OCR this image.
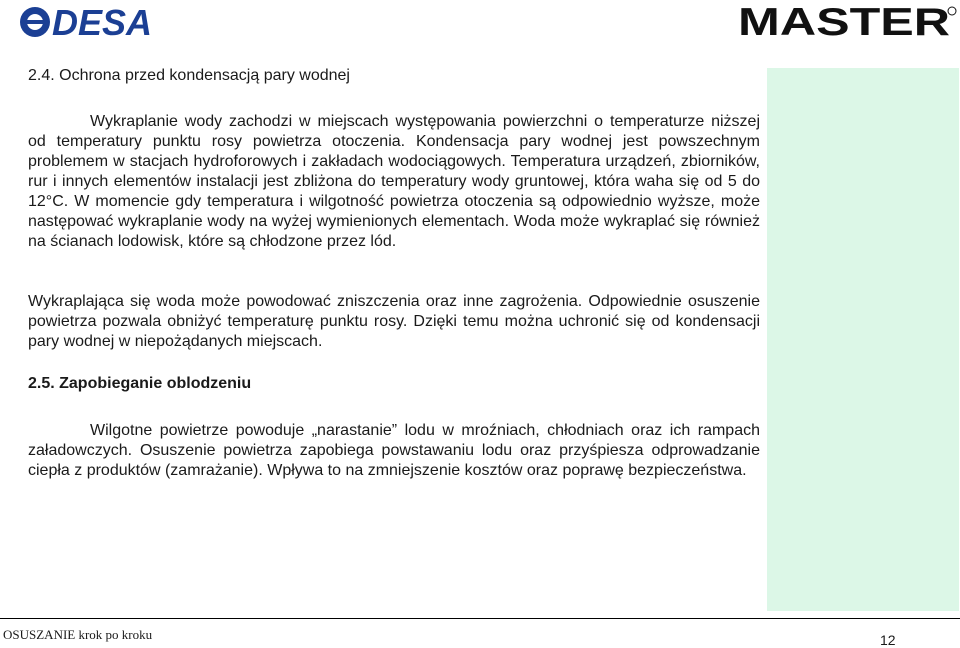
DESA	MASTER
2.4. Ochrona przed kondensacją pary wodnej

Wykraplanie wody zachodzi w miejscach występowania powierzchni o temperaturze niższej od temperatury punktu rosy powietrza otoczenia. Kondensacja pary wodnej jest powszechnym problemem w stacjach hydroforowych i zakładach wodociągowych. Temperatura urządzeń, zbiorników, rur i innych elementów instalacji jest zbliżona do temperatury wody gruntowej, która waha się od 5 do 12°C. W momencie gdy temperatura i wilgotność powietrza otoczenia są odpowiednio wyższe, może następować wykraplanie wody na wyżej wymienionych elementach. Woda może wykraplać się również na ścianach lodowisk, które są chłodzone przez lód.

Wykraplająca się woda może powodować zniszczenia oraz inne zagrożenia. Odpowiednie osuszenie powietrza pozwala obniżyć temperaturę punktu rosy. Dzięki temu można uchronić się od kondensacji pary wodnej w niepożądanych miejscach.

2.5. Zapobieganie oblodzeniu

Wilgotne powietrze powoduje „narastanie” lodu w mroźniach, chłodniach oraz ich rampach załadowczych. Osuszenie powietrza zapobiega powstawaniu lodu oraz przyśpiesza odprowadzanie ciepła z produktów (zamrażanie). Wpływa to na zmniejszenie kosztów oraz poprawę bezpieczeństwa.

OSUSZANIE krok po kroku	12
